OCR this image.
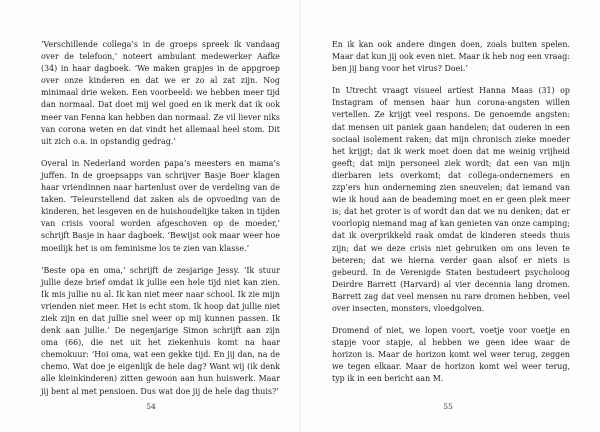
‘Verschillende collega’s in de groeps spreek ik vandaag over de telefoon,’ noteert ambulant medewerker Aafke (34) in haar dagboek. ‘We maken grapjes in de appgroep over onze kinderen en dat we er zo al zat zijn. Nog minimaal drie weken. Een voorbeeld: we hebben meer tijd dan normaal. Dat doet mij wel goed en ik merk dat ik ook meer van Fenna kan hebben dan normaal. Ze vil liever niks van corona weten en dat vindt het allemaal heel stom. Dit uit zich o.a. in opstandig gedrag.’

Overal in Nederland worden papa’s meesters en mama’s juffen. In de groepsapps van schrijver Basje Boer klagen haar vriendinnen naar hartenlust over de verdeling van de taken. ‘Teleurstellend dat zaken als de opvoeding van de kinderen, het lesgeven en de huishoudelijke taken in tijden van crisis vooral worden afgeschoven op de moeder,’ schrijft Basje in haar dagboek. ‘Bewijst ook maar weer hoe moeilijk het is om feminisme los te zien van klasse.’

‘Beste opa en oma,’ schrijft de zesjarige Jessy. ‘Ik stuur jullie deze brief omdat ik jullie een hele tijd niet kan zien. Ik mis jullie nu al. Ik kan niet meer naar school. Ik zie mijn vrienden niet meer. Het is echt stom. Ik hoop dat jullie niet ziek zijn en dat jullie snel weer op mij kunnen passen. Ik denk aan jullie.’ De negenjarige Simon schrijft aan zijn oma (66), die net uit het ziekenhuis komt na haar chemokuur: ‘Hoi oma, wat een gekke tijd. En jij dan, na de chemo. Wat doe je eigenlijk de hele dag? Want wij (ik denk alle kleinkinderen) zitten gewoon aan hun huiswerk. Maar jij bent al met pensioen. Dus wat doe jij de hele dag thuis?’

54

En ik kan ook andere dingen doen, zoals buiten spelen. Maar dat kun jij ook even niet. Maar ik heb nog een vraag: ben jij bang voor het virus? Doei.’

In Utrecht vraagt visueel artiest Hanna Maas (31) op Instagram of mensen haar hun corona-angsten willen vertellen. Ze krijgt veel respons. De genoemde angsten: dat mensen uit paniek gaan handelen; dat ouderen in een sociaal isolement raken; dat mijn chronisch zieke moeder het krijgt; dat ik werk moet doen dat me weinig vrijheid geeft; dat mijn personeel ziek wordt; dat een van mijn dierbaren iets overkomt; dat collega-ondernemers en zzp’ers hun onderneming zien sneuvelen; dat iemand van wie ik houd aan de beademing moet en er geen plek meer is; dat het groter is of wordt dan dat we nu denken; dat er voorlopig niemand mag af kan genieten van onze camping; dat ik overprikkeld raak omdat de kinderen steeds thuis zijn; dat we deze crisis niet gebruiken om ons leven te beteren; dat we hierna verder gaan alsof er niets is gebeurd. In de Verenigde Staten bestudeert psycholoog Deirdre Barrett (Harvard) al vier decennia lang dromen. Barrett zag dat veel mensen nu rare dromen hebben, veel over insecten, monsters, vloedgolven.

Dromend of niet, we lopen voort, voetje voor voetje en stapje voor stapje, al hebben we geen idee waar de horizon is. Maar de horizon komt wel weer terug, zeggen we tegen elkaar. Maar de horizon komt wel weer terug, typ ik in een bericht aan M.

55
